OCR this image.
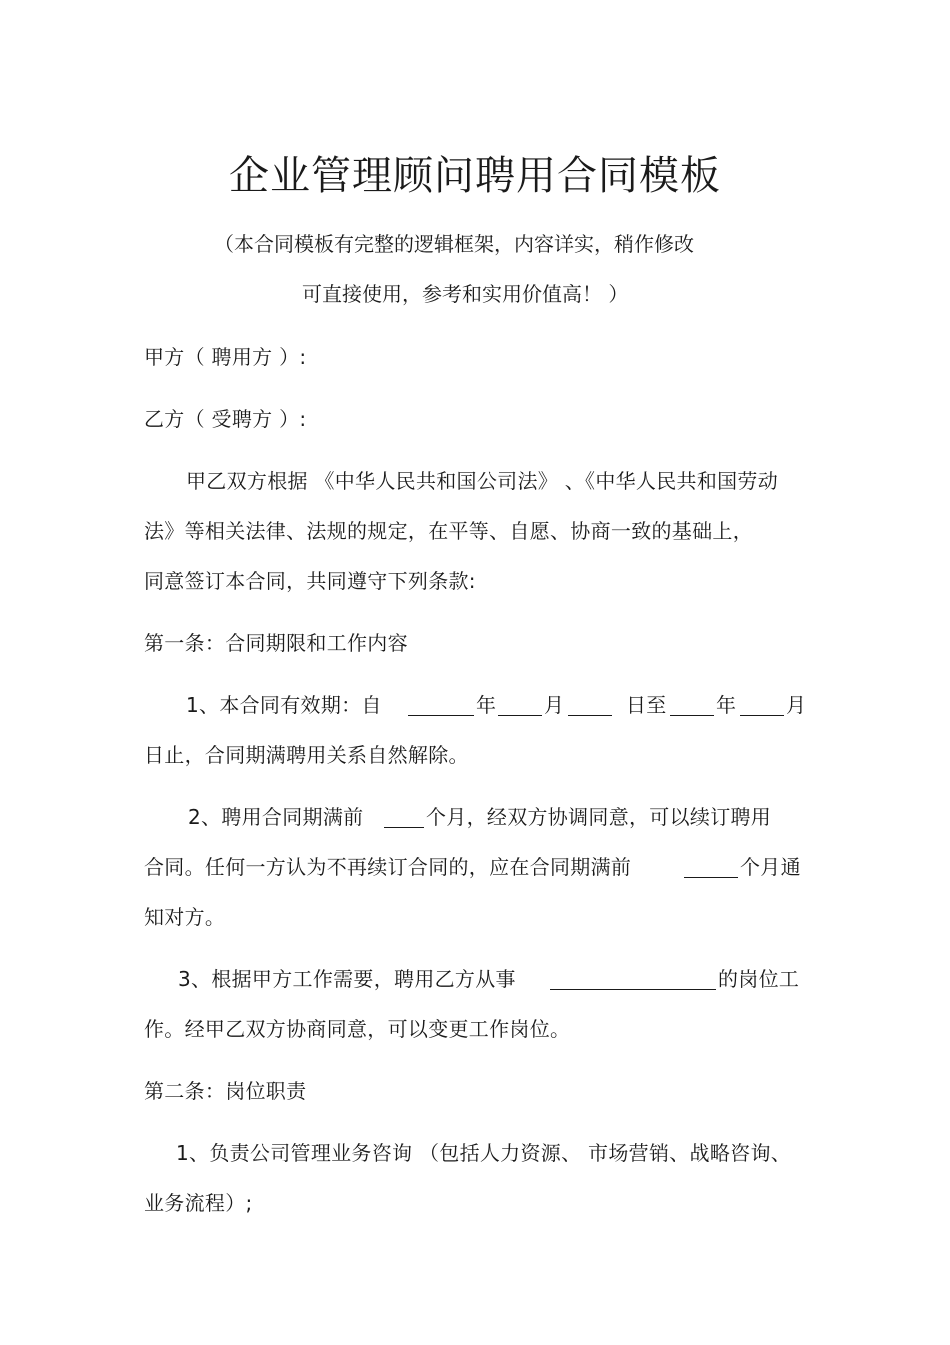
企业管理顾问聘用合同模板
（本合同模板有完整的逻辑框架，内容详实，稍作修改
可直接使用，参考和实用价值高！ ）
甲方（ 聘用方 ）:
乙方（ 受聘方 ）:
甲乙双方根据 《中华人民共和国公司法》 、《中华人民共和国劳动
法》等相关法律、法规的规定，在平等、自愿、协商一致的基础上，
同意签订本合同，共同遵守下列条款:
第一条：合同期限和工作内容
1、本合同有效期：自	年 月	日至 年 月
日止，合同期满聘用关系自然解除。
2、聘用合同期满前	个月，经双方协调同意，可以续订聘用
合同。任何一方认为不再续订合同的，应在合同期满前	个月通
知对方。
3、根据甲方工作需要，聘用乙方从事	的岗位工
作。经甲乙双方协商同意，可以变更工作岗位。
第二条：岗位职责
1、负责公司管理业务咨询 （包括人力资源、 市场营销、战略咨询、
业务流程）;
